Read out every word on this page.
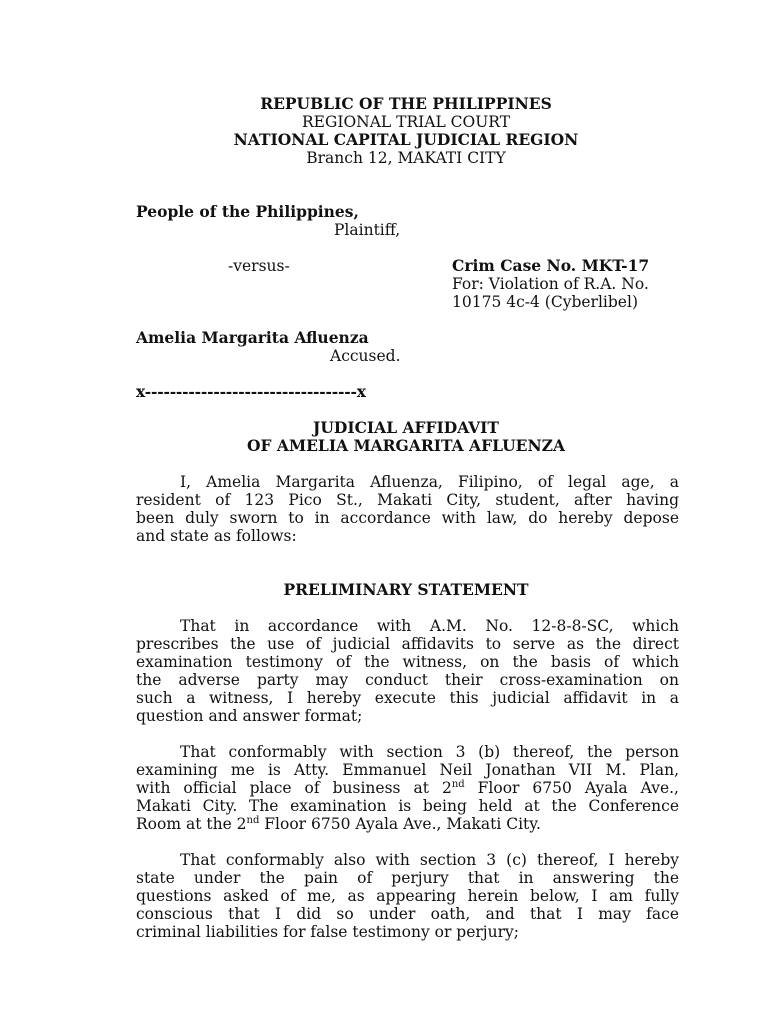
REPUBLIC OF THE PHILIPPINES
REGIONAL TRIAL COURT
NATIONAL CAPITAL JUDICIAL REGION
Branch 12, MAKATI CITY
People of the Philippines,
Plaintiff,
-versus-	Crim Case No. MKT-17
For: Violation of R.A. No.
10175 4c-4 (Cyberlibel)
Amelia Margarita Afluenza
Accused.
x----------------------------------x
JUDICIAL AFFIDAVIT
OF AMELIA MARGARITA AFLUENZA
I, Amelia Margarita Afluenza, Filipino, of legal age, a
resident of 123 Pico St., Makati City, student, after having
been duly sworn to in accordance with law, do hereby depose
and state as follows:
PRELIMINARY STATEMENT
That in accordance with A.M. No. 12-8-8-SC, which
prescribes the use of judicial affidavits to serve as the direct
examination testimony of the witness, on the basis of which
the adverse party may conduct their cross-examination on
such a witness, I hereby execute this judicial affidavit in a
question and answer format;
That conformably with section 3 (b) thereof, the person
examining me is Atty. Emmanuel Neil Jonathan VII M. Plan,
with official place of business at 2nd Floor 6750 Ayala Ave.,
Makati City. The examination is being held at the Conference
Room at the 2nd Floor 6750 Ayala Ave., Makati City.
That conformably also with section 3 (c) thereof, I hereby
state under the pain of perjury that in answering the
questions asked of me, as appearing herein below, I am fully
conscious that I did so under oath, and that I may face
criminal liabilities for false testimony or perjury;
